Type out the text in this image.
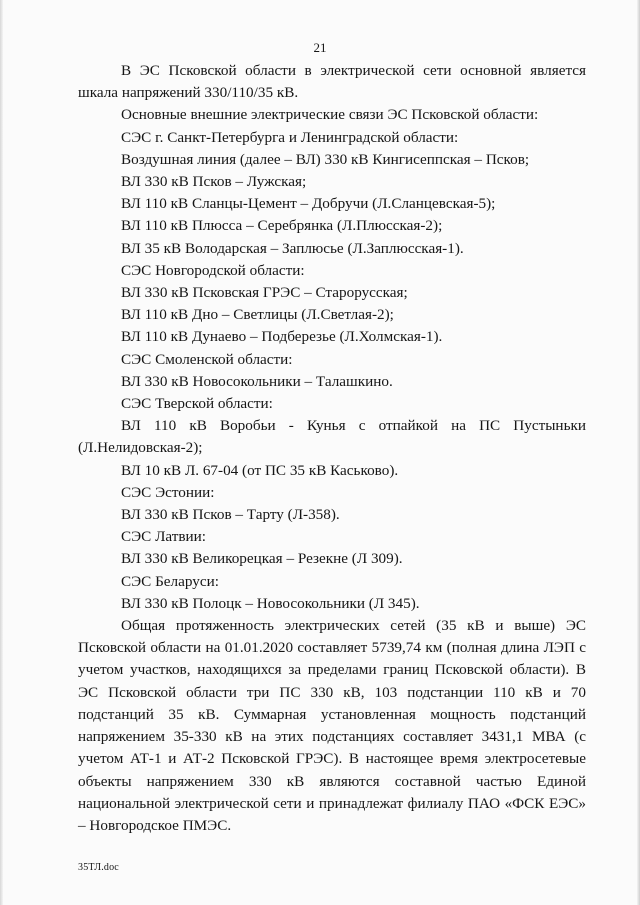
21

В ЭС Псковской области в электрической сети основной является шкала напряжений 330/110/35 кВ.

Основные внешние электрические связи ЭС Псковской области:
СЭС г. Санкт-Петербурга и Ленинградской области:
Воздушная линия (далее – ВЛ) 330 кВ Кингисеппская – Псков;
ВЛ 330 кВ Псков – Лужская;
ВЛ 110 кВ Сланцы-Цемент – Добручи (Л.Сланцевская-5);
ВЛ 110 кВ Плюсса – Серебрянка (Л.Плюсская-2);
ВЛ 35 кВ Володарская – Заплюсье (Л.Заплюсская-1).
СЭС Новгородской области:
ВЛ 330 кВ Псковская ГРЭС – Старорусская;
ВЛ 110 кВ Дно – Светлицы (Л.Светлая-2);
ВЛ 110 кВ Дунаево – Подберезье (Л.Холмская-1).
СЭС Смоленской области:
ВЛ 330 кВ Новосокольники – Талашкино.
СЭС Тверской области:

ВЛ 110 кВ Воробьи - Кунья с отпайкой на ПС Пустыньки (Л.Нелидовская-2);

ВЛ 10 кВ Л. 67-04 (от ПС 35 кВ Каськово).
СЭС Эстонии:
ВЛ 330 кВ Псков – Тарту (Л-358).
СЭС Латвии:
ВЛ 330 кВ Великорецкая – Резекне (Л 309).
СЭС Беларуси:
ВЛ 330 кВ Полоцк – Новосокольники (Л 345).

Общая протяженность электрических сетей (35 кВ и выше) ЭС Псковской области на 01.01.2020 составляет 5739,74 км (полная длина ЛЭП с учетом участков, находящихся за пределами границ Псковской области). В ЭС Псковской области три ПС 330 кВ, 103 подстанции 110 кВ и 70 подстанций 35 кВ. Суммарная установленная мощность подстанций напряжением 35-330 кВ на этих подстанциях составляет 3431,1 МВА (с учетом АТ-1 и АТ-2 Псковской ГРЭС). В настоящее время электросетевые объекты напряжением 330 кВ являются составной частью Единой национальной электрической сети и принадлежат филиалу ПАО «ФСК ЕЭС» – Новгородское ПМЭС.

35ТЛ.doc
